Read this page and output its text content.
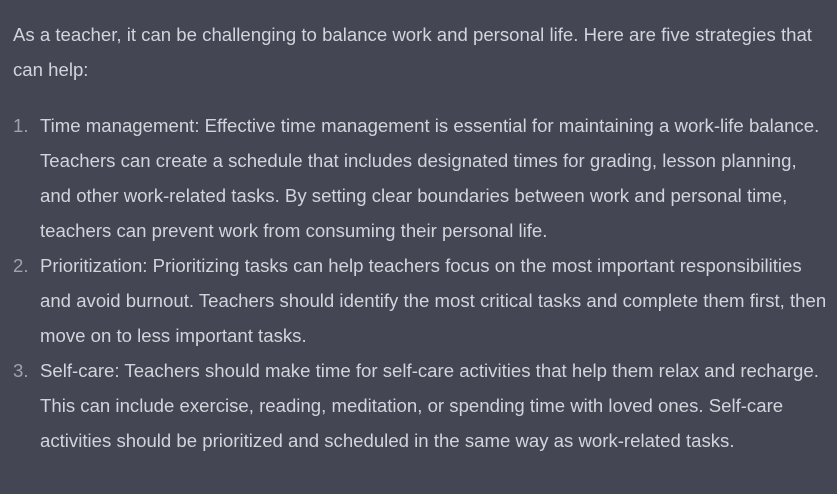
As a teacher, it can be challenging to balance work and personal life. Here are five strategies that can help:

1. Time management: Effective time management is essential for maintaining a work-life balance. Teachers can create a schedule that includes designated times for grading, lesson planning, and other work-related tasks. By setting clear boundaries between work and personal time, teachers can prevent work from consuming their personal life.
2. Prioritization: Prioritizing tasks can help teachers focus on the most important responsibilities and avoid burnout. Teachers should identify the most critical tasks and complete them first, then move on to less important tasks.
3. Self-care: Teachers should make time for self-care activities that help them relax and recharge. This can include exercise, reading, meditation, or spending time with loved ones. Self-care activities should be prioritized and scheduled in the same way as work-related tasks.
